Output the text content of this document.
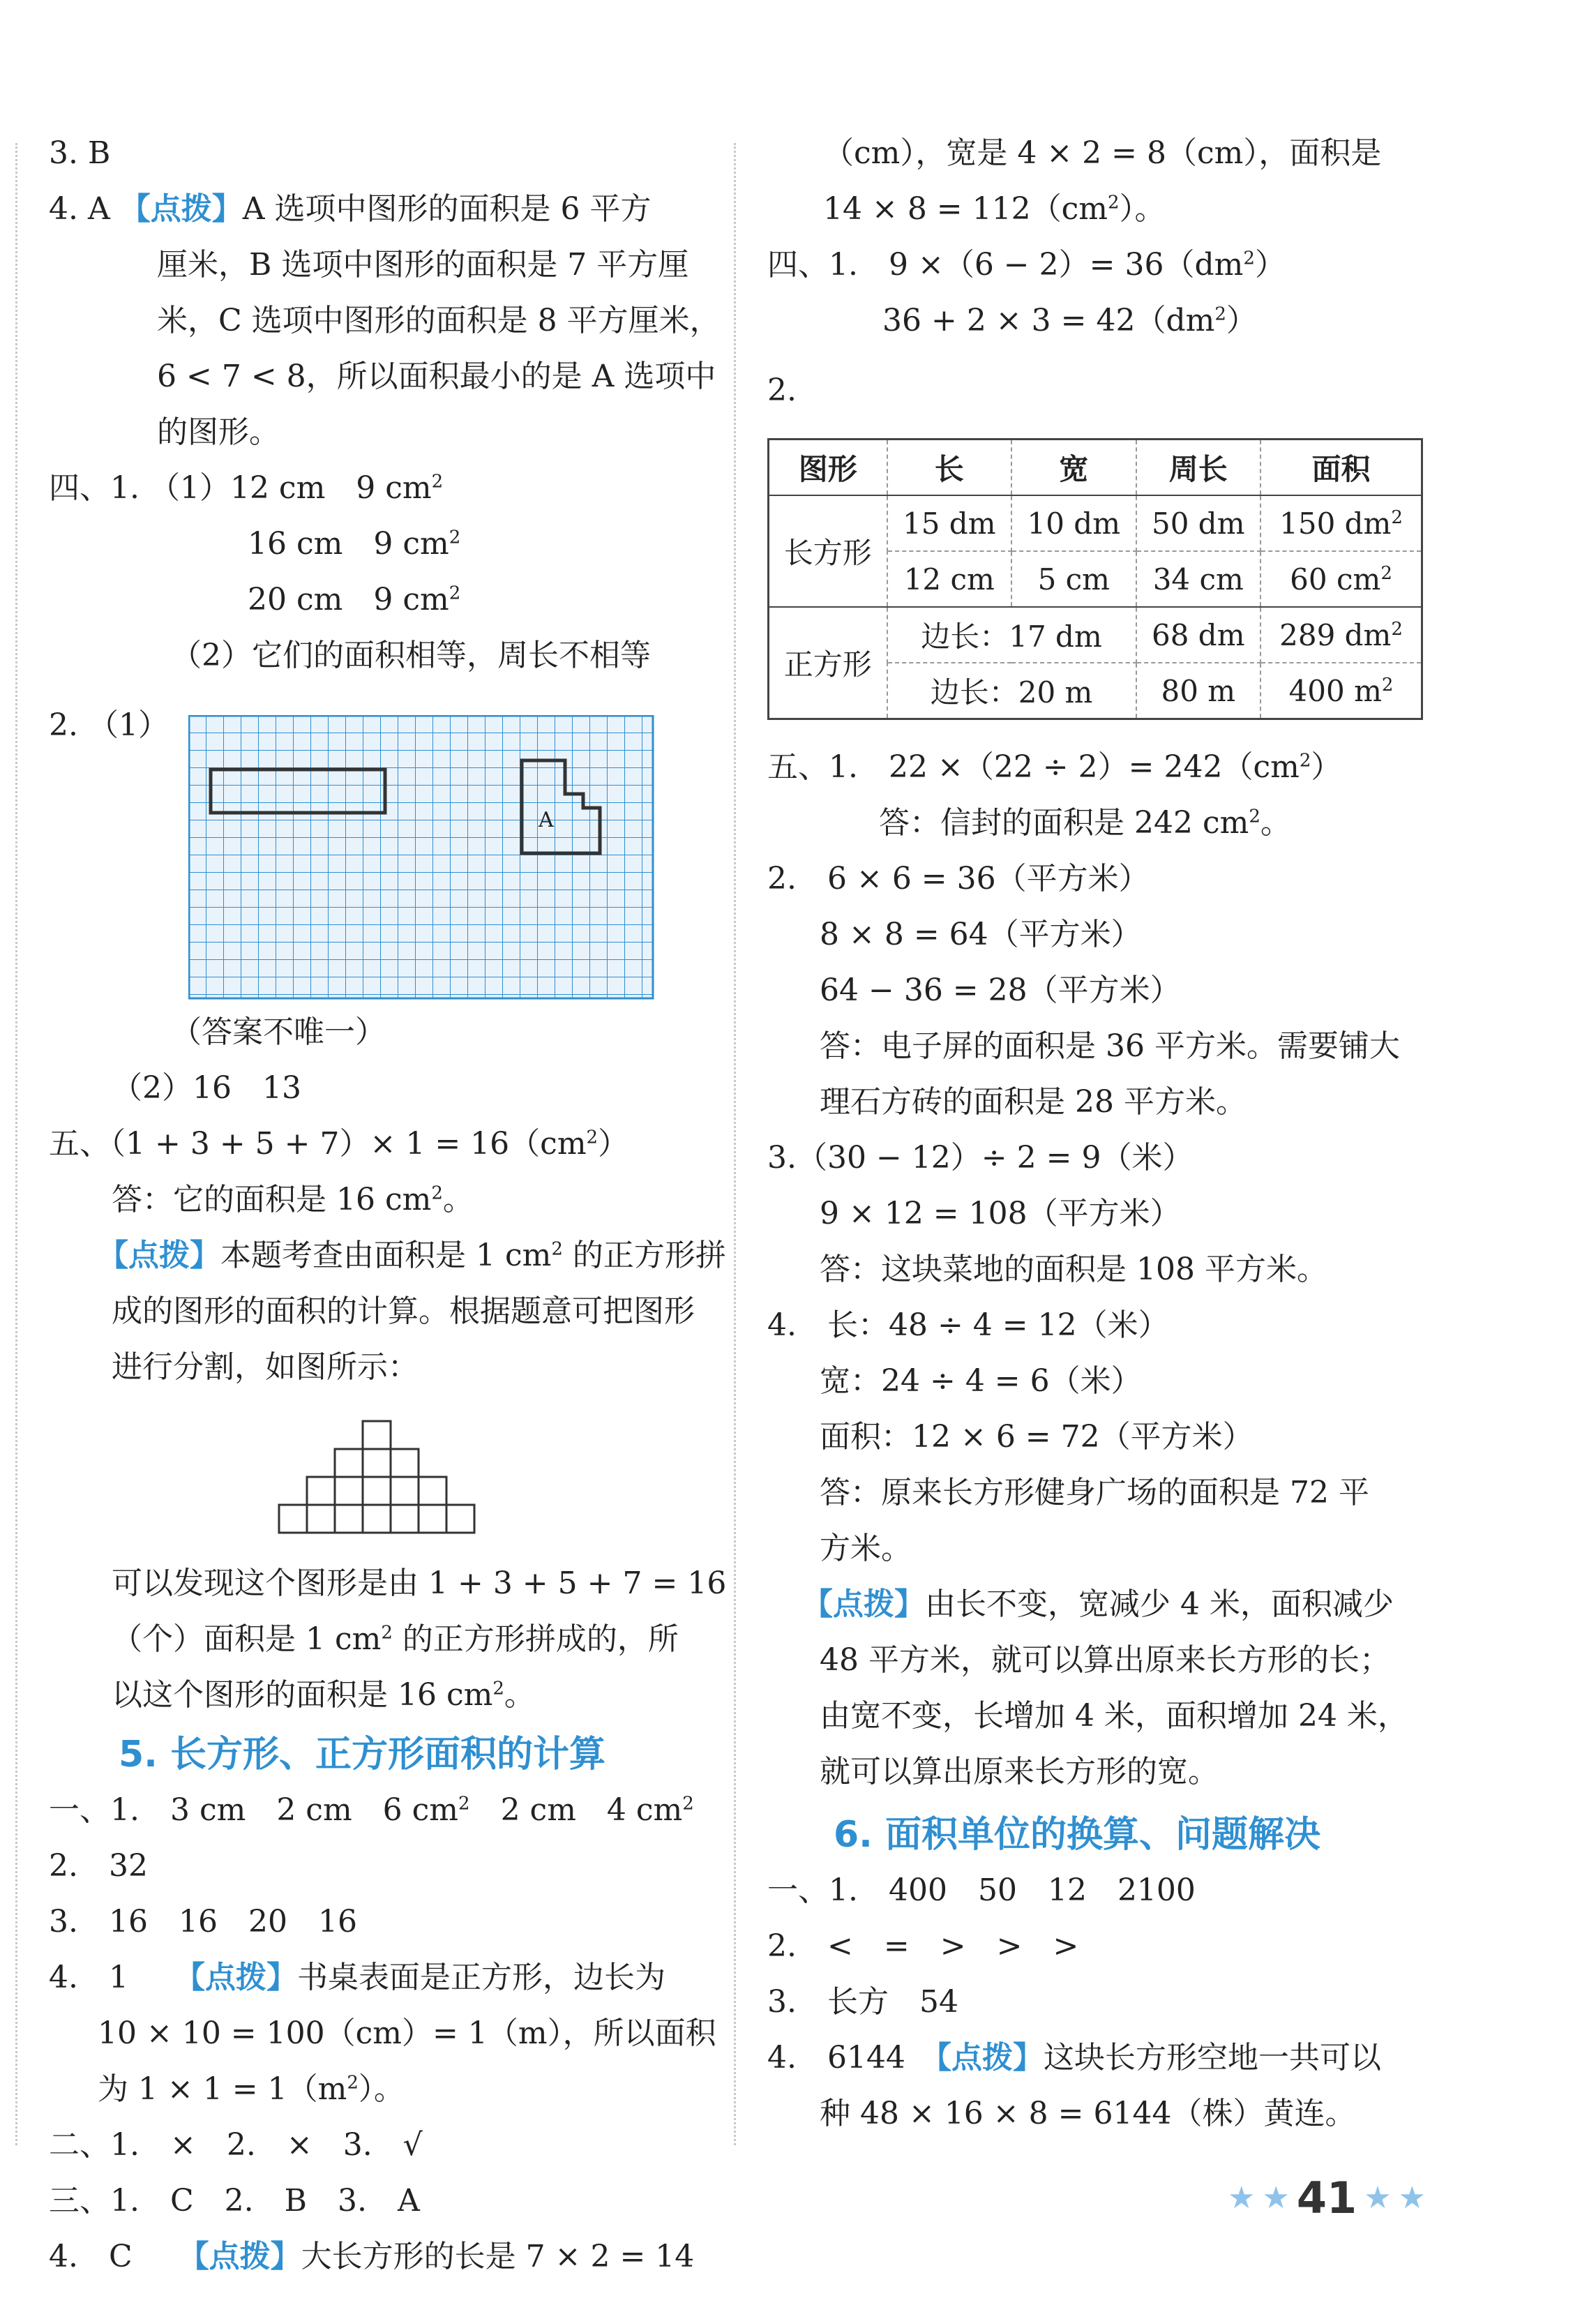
3. B
4. A 【点拨】A 选项中图形的面积是 6 平方
厘米，B 选项中图形的面积是 7 平方厘
米，C 选项中图形的面积是 8 平方厘米，
6 < 7 < 8，所以面积最小的是 A 选项中
的图形。
四、1. （1）12 cm　9 $cm^2$
16 cm　9 $cm^2$
20 cm　9 $cm^2$
（2）它们的面积相等，周长不相等
2. （1）
A
（答案不唯一）
（2）16　13
五、$(1 + 3 + 5 + 7)\times 1 = 16(cm^2)$
答：它的面积是 16 $cm^2$。
【点拨】本题考查由面积是 1 $cm^2$ 的正方形拼
成的图形的面积的计算。根据题意可把图形
进行分割，如图所示：
可以发现这个图形是由 1 + 3 + 5 + 7 = 16
（个）面积是 1 $cm^2$ 的正方形拼成的，所
以这个图形的面积是 16 $cm^2$。
5. 长方形、正方形面积的计算
一、1.　3 cm　2 cm　6 $cm^2$　2 cm　4 $cm^2$
2.　32
3.　16　16　20　16
4.　1　　 【点拨】书桌表面是正方形，边长为
10 × 10 = 100（cm）= 1（m），所以面积
为 $1 \times 1 = 1(m^2)$。
二、1.　×　2.　×　3.　√
三、1.　C　2.　B　3.　A
4.　C　　 【点拨】大长方形的长是 7 × 2 = 14
（cm），宽是 4 × 2 = 8（cm），面积是
$14 \times 8 = 112(cm^2)$。
四、1.　$9 \times(6 - 2)= 36(dm^2)$
$36 + 2 \times 3 = 42(dm^2)$
2.
图形	长	宽	周长	面积
长方形	15 dm	10 dm	50 dm	150 $dm^2$
	12 cm	5 cm	34 cm	60 $cm^2$
正方形	边长：17 dm		68 dm	289 $dm^2$
	边长：20 m		80 m	400 $m^2$
五、1.　$22 \times(22 \div 2)= 242(cm^2)$
答：信封的面积是 242 $cm^2$。
2.　6 × 6 = 36（平方米）
8 × 8 = 64（平方米）
64 − 36 = 28（平方米）
答：电子屏的面积是 36 平方米。需要铺大
理石方砖的面积是 28 平方米。
3.（30 − 12）÷ 2 = 9（米）
9 × 12 = 108（平方米）
答：这块菜地的面积是 108 平方米。
4.　长：48 ÷ 4 = 12（米）
宽：24 ÷ 4 = 6（米）
面积：12 × 6 = 72（平方米）
答：原来长方形健身广场的面积是 72 平
方米。
【点拨】由长不变，宽减少 4 米，面积减少
48 平方米，就可以算出原来长方形的长；
由宽不变，长增加 4 米，面积增加 24 米，
就可以算出原来长方形的宽。
6. 面积单位的换算、问题解决
一、1.　400　50　12　2100
2.　<　=　>　>　>
3.　长方　54
4.　6144　 【点拨】这块长方形空地一共可以
种 48 × 16 × 8 = 6144（株）黄连。
★ ★ 41 ★ ★
